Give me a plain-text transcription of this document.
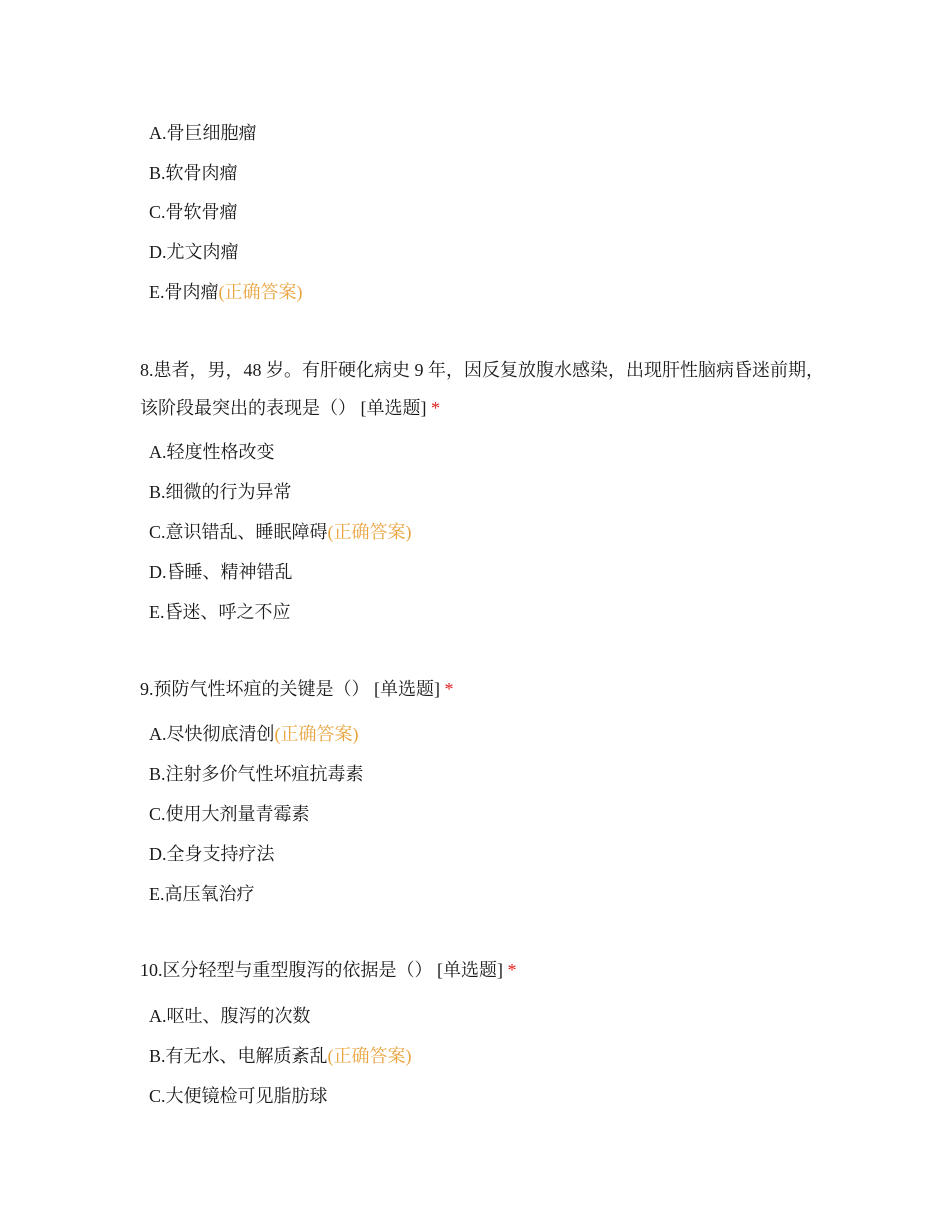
A.骨巨细胞瘤
B.软骨肉瘤
C.骨软骨瘤
D.尤文肉瘤
E.骨肉瘤(正确答案)
8.患者，男，48 岁。有肝硬化病史 9 年，因反复放腹水感染，出现肝性脑病昏迷前期，该阶段最突出的表现是（） [单选题] *
A.轻度性格改变
B.细微的行为异常
C.意识错乱、睡眠障碍(正确答案)
D.昏睡、精神错乱
E.昏迷、呼之不应
9.预防气性坏疽的关键是（） [单选题] *
A.尽快彻底清创(正确答案)
B.注射多价气性坏疽抗毒素
C.使用大剂量青霉素
D.全身支持疗法
E.高压氧治疗
10.区分轻型与重型腹泻的依据是（） [单选题] *
A.呕吐、腹泻的次数
B.有无水、电解质紊乱(正确答案)
C.大便镜检可见脂肪球
